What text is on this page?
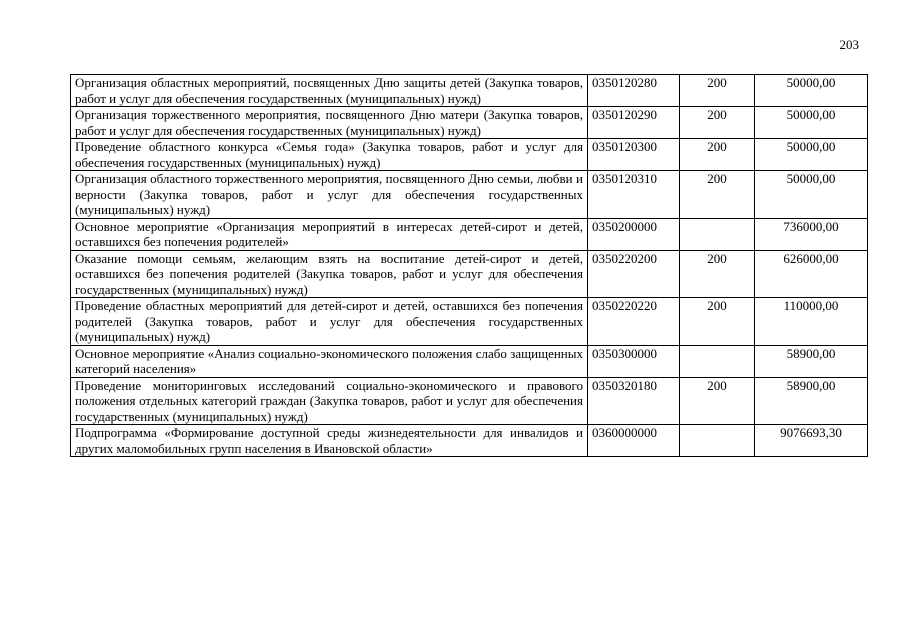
203
Организация областных мероприятий, посвященных Дню защиты детей (Закупка товаров, работ и услуг для обеспечения государственных (муниципальных) нужд)	0350120280	200	50000,00
Организация торжественного мероприятия, посвященного Дню матери (Закупка товаров, работ и услуг для обеспечения государственных (муниципальных) нужд)	0350120290	200	50000,00
Проведение областного конкурса «Семья года» (Закупка товаров, работ и услуг для обеспечения государственных (муниципальных) нужд)	0350120300	200	50000,00
Организация областного торжественного мероприятия, посвященного Дню семьи, любви и верности (Закупка товаров, работ и услуг для обеспечения государственных (муниципальных) нужд)	0350120310	200	50000,00
Основное мероприятие «Организация мероприятий в интересах детей-сирот и детей, оставшихся без попечения родителей»	0350200000		736000,00
Оказание помощи семьям, желающим взять на воспитание детей-сирот и детей, оставшихся без попечения родителей (Закупка товаров, работ и услуг для обеспечения государственных (муниципальных) нужд)	0350220200	200	626000,00
Проведение областных мероприятий для детей-сирот и детей, оставшихся без попечения родителей (Закупка товаров, работ и услуг для обеспечения государственных (муниципальных) нужд)	0350220220	200	110000,00
Основное мероприятие «Анализ социально-экономического положения слабо защищенных категорий населения»	0350300000		58900,00
Проведение мониторинговых исследований социально-экономического и правового положения отдельных категорий граждан (Закупка товаров, работ и услуг для обеспечения государственных (муниципальных) нужд)	0350320180	200	58900,00
Подпрограмма «Формирование доступной среды жизнедеятельности для инвалидов и других маломобильных групп населения в Ивановской области»	0360000000		9076693,30
